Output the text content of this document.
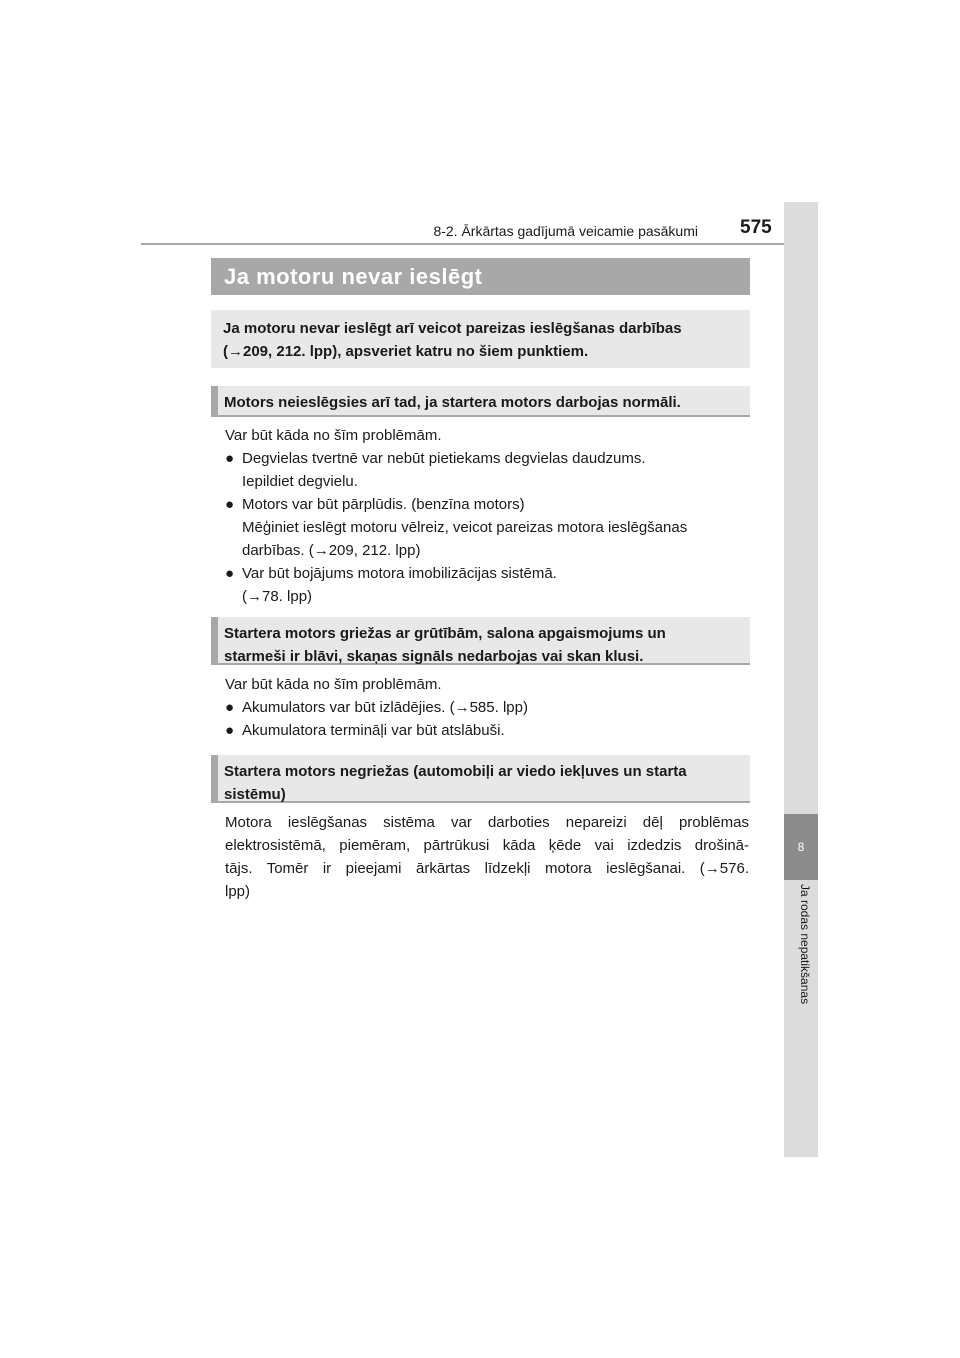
8-2. Ārkārtas gadījumā veicamie pasākumi 575
8
Ja rodas nepatikšanas
Ja motoru nevar ieslēgt
Ja motoru nevar ieslēgt arī veicot pareizas ieslēgšanas darbības
(→209, 212. lpp), apsveriet katru no šiem punktiem.
Motors neieslēgsies arī tad, ja startera motors darbojas normāli.
Var būt kāda no šīm problēmām.
● Degvielas tvertnē var nebūt pietiekams degvielas daudzums.
Iepildiet degvielu.
● Motors var būt pārplūdis. (benzīna motors)
Mēģiniet ieslēgt motoru vēlreiz, veicot pareizas motora ieslēgšanas
darbības. (→209, 212. lpp)
● Var būt bojājums motora imobilizācijas sistēmā.
(→78. lpp)
Startera motors griežas ar grūtībām, salona apgaismojums un
starmeši ir blāvi, skaņas signāls nedarbojas vai skan klusi.
Var būt kāda no šīm problēmām.
● Akumulators var būt izlādējies. (→585. lpp)
● Akumulatora termināļi var būt atslābuši.
Startera motors negriežas (automobiļi ar viedo iekļuves un starta
sistēmu)
Motora ieslēgšanas sistēma var darboties nepareizi dēļ problēmas
elektrosistēmā, piemēram, pārtrūkusi kāda ķēde vai izdedzis drošinā-
tājs. Tomēr ir pieejami ārkārtas līdzekļi motora ieslēgšanai. (→576.
lpp)
